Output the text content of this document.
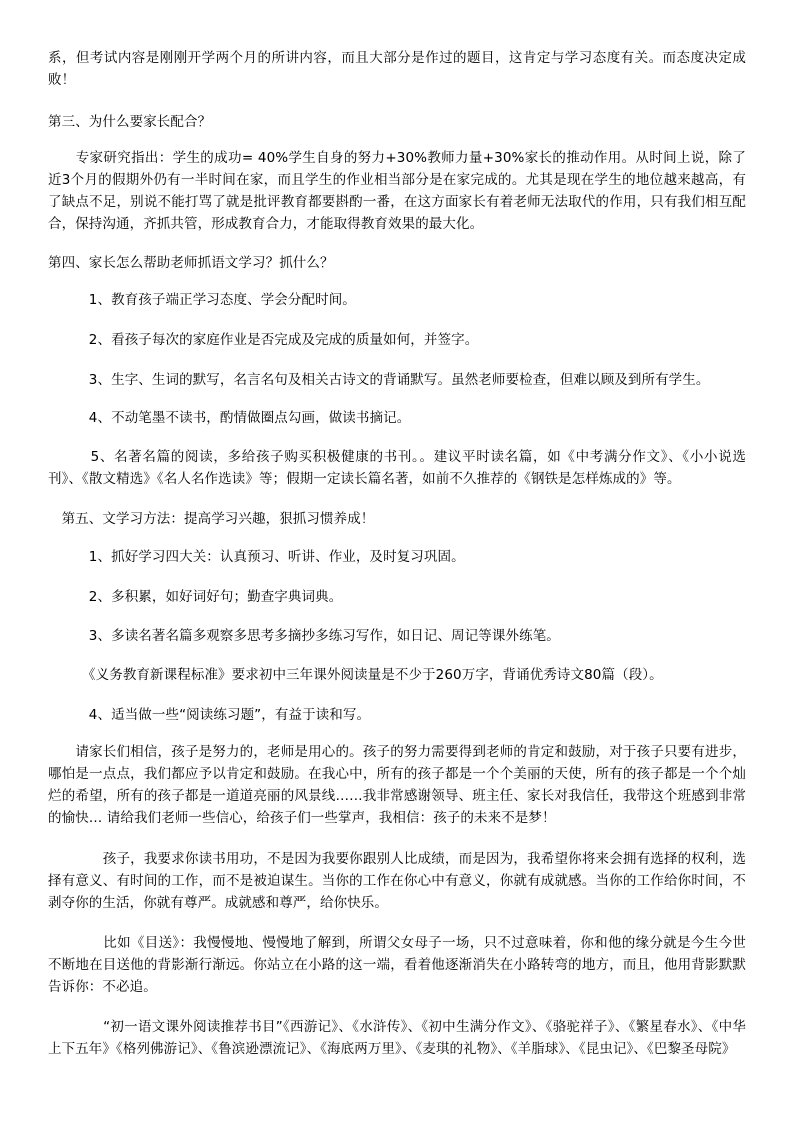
系，但考试内容是刚刚开学两个月的所讲内容，而且大部分是作过的题目，这肯定与学习态度有关。而态度决定成败！

第三、为什么要家长配合？

　　专家研究指出：学生的成功= 40%学生自身的努力+30%教师力量+30%家长的推动作用。从时间上说，除了近3个月的假期外仍有一半时间在家，而且学生的作业相当部分是在家完成的。尤其是现在学生的地位越来越高，有了缺点不足，别说不能打骂了就是批评教育都要斟酌一番，在这方面家长有着老师无法取代的作用，只有我们相互配合，保持沟通，齐抓共管，形成教育合力，才能取得教育效果的最大化。

第四、家长怎么帮助老师抓语文学习？抓什么？

　　　1、教育孩子端正学习态度、学会分配时间。

　　　2、看孩子每次的家庭作业是否完成及完成的质量如何，并签字。

　　　3、生字、生词的默写，名言名句及相关古诗文的背诵默写。虽然老师要检查，但难以顾及到所有学生。

　　　4、不动笔墨不读书，酌情做圈点勾画，做读书摘记。

　　　5、名著名篇的阅读，多给孩子购买积极健康的书刊。。建议平时读名篇，如《中考满分作文》、《小小说选刊》、《散文精选》《名人名作选读》等；假期一定读长篇名著，如前不久推荐的《钢铁是怎样炼成的》等。

　第五、文学习方法：提高学习兴趣，狠抓习惯养成！

　　　1、抓好学习四大关：认真预习、听讲、作业，及时复习巩固。

　　　2、多积累，如好词好句；勤查字典词典。

　　　3、多读名著名篇多观察多思考多摘抄多练习写作，如日记、周记等课外练笔。

　　　《义务教育新课程标准》要求初中三年课外阅读量是不少于260万字，背诵优秀诗文80篇（段）。

　　　4、适当做一些“阅读练习题”，有益于读和写。

　　请家长们相信，孩子是努力的，老师是用心的。孩子的努力需要得到老师的肯定和鼓励，对于孩子只要有进步，哪怕是一点点，我们都应予以肯定和鼓励。在我心中，所有的孩子都是一个个美丽的天使，所有的孩子都是一个个灿烂的希望，所有的孩子都是一道道亮丽的风景线……我非常感谢领导、班主任、家长对我信任，我带这个班感到非常的愉快… 请给我们老师一些信心，给孩子们一些掌声，我相信：孩子的未来不是梦！

　　　　孩子，我要求你读书用功，不是因为我要你跟别人比成绩，而是因为，我希望你将来会拥有选择的权利，选择有意义、有时间的工作，而不是被迫谋生。当你的工作在你心中有意义，你就有成就感。当你的工作给你时间，不剥夺你的生活，你就有尊严。成就感和尊严，给你快乐。

　　　　比如《目送》：我慢慢地、慢慢地了解到，所谓父女母子一场，只不过意味着，你和他的缘分就是今生今世不断地在目送他的背影渐行渐远。你站立在小路的这一端，看着他逐渐消失在小路转弯的地方，而且，他用背影默默告诉你：不必追。

　　　　“初一语文课外阅读推荐书目”《西游记》、《水浒传》、《初中生满分作文》、《骆驼祥子》、《繁星春水》、《中华上下五年》《格列佛游记》、《鲁滨逊漂流记》、《海底两万里》、《麦琪的礼物》、《羊脂球》、《昆虫记》、《巴黎圣母院》
